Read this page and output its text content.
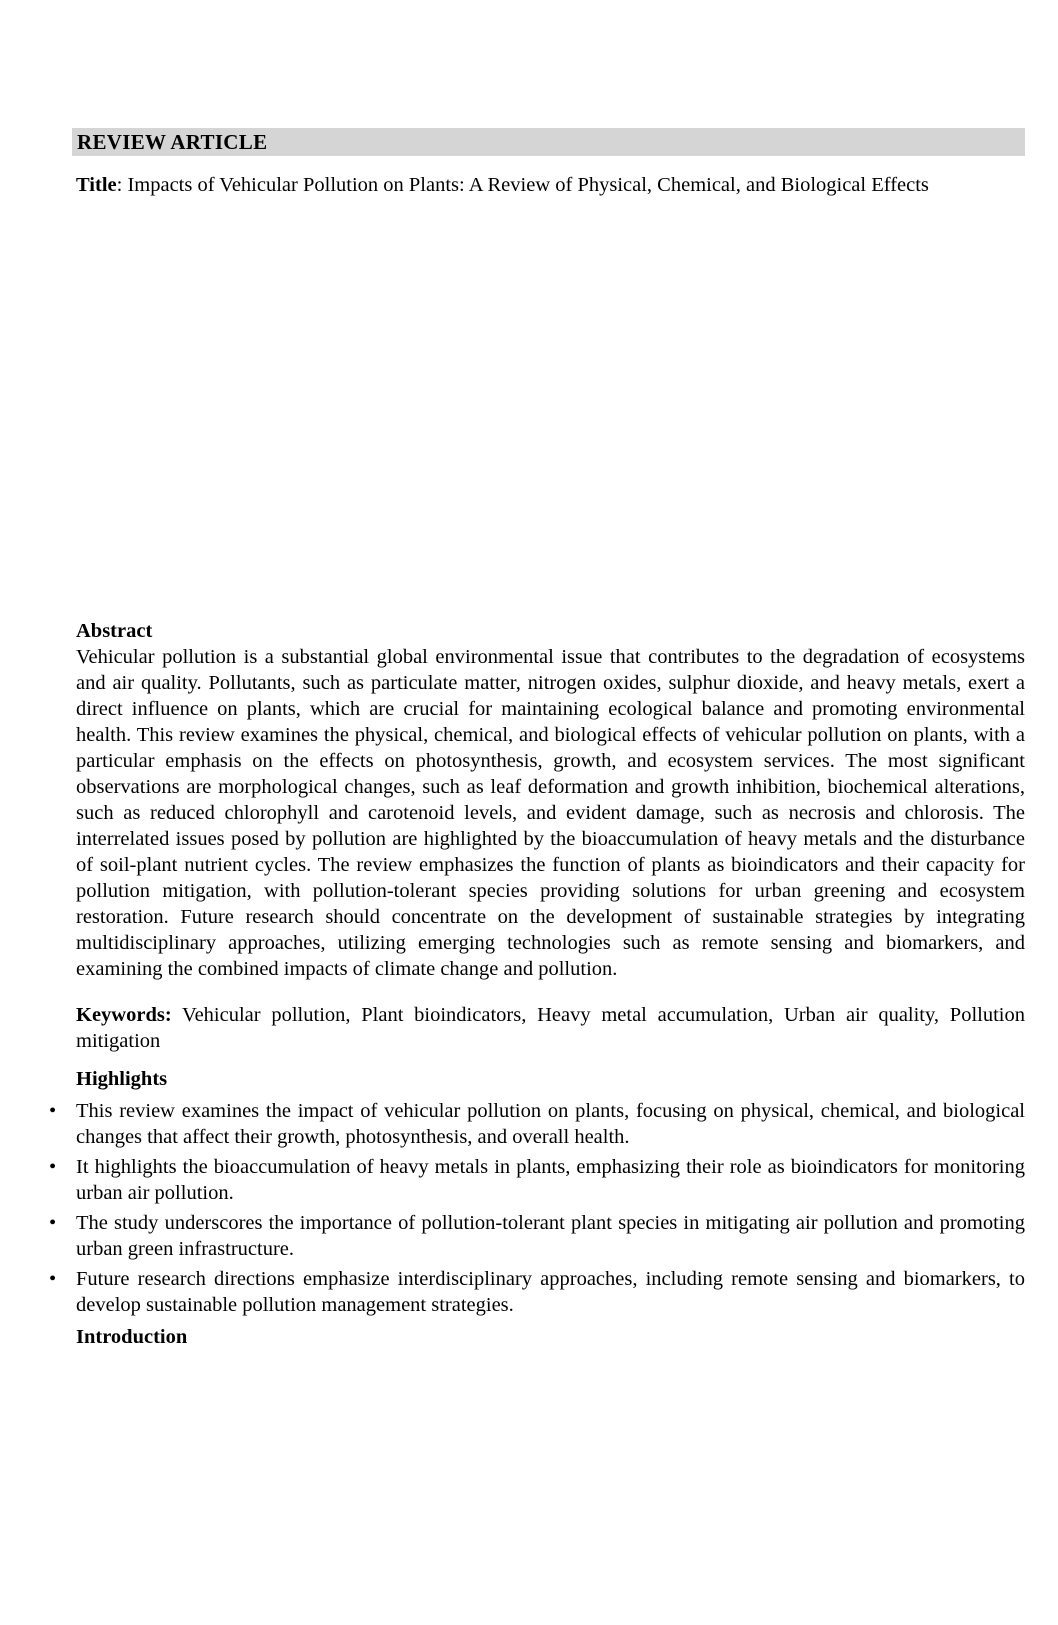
REVIEW ARTICLE

Title: Impacts of Vehicular Pollution on Plants: A Review of Physical, Chemical, and Biological Effects

Abstract

Vehicular pollution is a substantial global environmental issue that contributes to the degradation of ecosystems and air quality. Pollutants, such as particulate matter, nitrogen oxides, sulphur dioxide, and heavy metals, exert a direct influence on plants, which are crucial for maintaining ecological balance and promoting environmental health. This review examines the physical, chemical, and biological effects of vehicular pollution on plants, with a particular emphasis on the effects on photosynthesis, growth, and ecosystem services. The most significant observations are morphological changes, such as leaf deformation and growth inhibition, biochemical alterations, such as reduced chlorophyll and carotenoid levels, and evident damage, such as necrosis and chlorosis. The interrelated issues posed by pollution are highlighted by the bioaccumulation of heavy metals and the disturbance of soil-plant nutrient cycles. The review emphasizes the function of plants as bioindicators and their capacity for pollution mitigation, with pollution-tolerant species providing solutions for urban greening and ecosystem restoration. Future research should concentrate on the development of sustainable strategies by integrating multidisciplinary approaches, utilizing emerging technologies such as remote sensing and biomarkers, and examining the combined impacts of climate change and pollution.

Keywords: Vehicular pollution, Plant bioindicators, Heavy metal accumulation, Urban air quality, Pollution mitigation

Highlights
• This review examines the impact of vehicular pollution on plants, focusing on physical, chemical, and biological changes that affect their growth, photosynthesis, and overall health.
• It highlights the bioaccumulation of heavy metals in plants, emphasizing their role as bioindicators for monitoring urban air pollution.
• The study underscores the importance of pollution-tolerant plant species in mitigating air pollution and promoting urban green infrastructure.
• Future research directions emphasize interdisciplinary approaches, including remote sensing and biomarkers, to develop sustainable pollution management strategies.
Introduction
